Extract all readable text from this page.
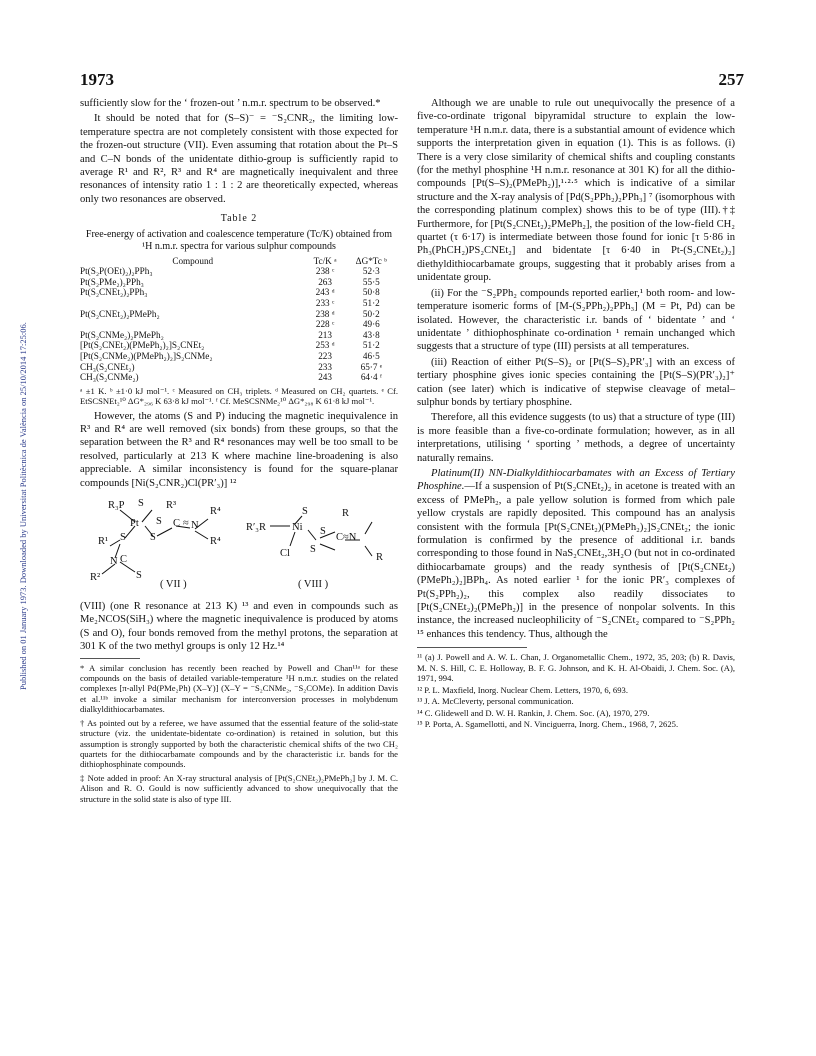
1973	257
Published on 01 January 1973. Downloaded by Universitat Politècnica de València on 25/10/2014 17:25:06.

sufficiently slow for the ‘ frozen-out ’ n.m.r. spectrum to be observed.*

It should be noted that for (S–S)⁻ = ⁻S₂CNR₂, the limiting low-temperature spectra are not completely consistent with those expected for the frozen-out structure (VII). Even assuming that rotation about the Pt–S and C–N bonds of the unidentate dithio-group is sufficiently rapid to average R¹ and R², R³ and R⁴ are magnetically inequivalent and three resonances of intensity ratio 1 : 1 : 2 are theoretically expected, whereas only two resonances are observed.

Table 2
Free-energy of activation and coalescence temperature (Tc/K) obtained from ¹H n.m.r. spectra for various sulphur compounds
Compound	Tc/K ᵃ	ΔG*Tc ᵇ
Pt(S₂P(OEt)₂)₂PPh₃	238 ᶜ	52·3
Pt(S₂PMe₂)₂PPh₃	263	55·5
Pt(S₂CNEt₂)₂PPh₃	243 ᵈ	50·8
	233 ᶜ	51·2
Pt(S₂CNEt₂)₂PMePh₂	238 ᵈ	50·2
	228 ᶜ	49·6
Pt(S₂CNMe₂)₂PMePh₂	213	43·8
[Pt(S₂CNEt₂)(PMePh₂)₂]S₂CNEt₂	253 ᵈ	51·2
[Pt(S₂CNMe₂)(PMePh₂)₂]S₂CNMe₂	223	46·5
CH₃(S₂CNEt₂)	233	65·7 ᵉ
CH₃(S₂CNMe₂)	243	64·4 ᶠ
ᵃ ±1 K. ᵇ ±1·0 kJ mol⁻¹. ᶜ Measured on CH₃ triplets. ᵈ Measured on CH₂ quartets. ᵉ Cf. EtSCSNEt₂¹⁰ ΔG*₂₉₆ K 63·8 kJ mol⁻¹. ᶠ Cf. MeSCSNMe₂¹⁰ ΔG*₂₉₈ K 61·8 kJ mol⁻¹.

However, the atoms (S and P) inducing the magnetic inequivalence in R³ and R⁴ are well removed (six bonds) from these groups, so that the separation between the R³ and R⁴ resonances may well be too small to be resolved, particularly at 213 K where machine line-broadening is also appreciable. A similar inconsistency is found for the square-planar compounds [Ni(S₂CNR₂)Cl(PR′₃)] ¹²

R₃P S R³
Pt S C ≈ N
R⁴
R⁴
R¹ S S
N C
R²	S
R′₃R
S	R
Ni S
C≈N
Cl S
R
( VII )	( VIII )

(VIII) (one R resonance at 213 K) ¹³ and even in compounds such as Me₂NCOS(SiH₃) where the magnetic inequivalence is produced by atoms (S and O), four bonds removed from the methyl protons, the separation at 301 K of the two methyl groups is only 12 Hz.¹⁴

* A similar conclusion has recently been reached by Powell and Chan¹¹ᵃ for these compounds on the basis of detailed variable-temperature ¹H n.m.r. studies on the related complexes [π-allyl Pd(PMe₂Ph) (X–Y)] (X–Y = ⁻S₂CNMe₂, ⁻S₂COMe). In addition Davis et al.¹¹ᵇ invoke a similar mechanism for interconversion processes in molybdenum dialkyldithiocarbamates.
† As pointed out by a referee, we have assumed that the essential feature of the solid-state structure (viz. the unidentate-bidentate co-ordination) is retained in solution, but this assumption is strongly supported by both the characteristic chemical shifts of the two CH₂ quartets for the dithiocarbamate compounds and by the characteristic i.r. bands for the dithiophosphinate compounds.
‡ Note added in proof: An X-ray structural analysis of [Pt(S₂CNEt₂)₂PMePh₂] by J. M. C. Alison and R. O. Gould is now sufficiently advanced to show unequivocally that the structure in the solid state is also of type III.

Although we are unable to rule out unequivocally the presence of a five-co-ordinate trigonal bipyramidal structure to explain the low-temperature ¹H n.m.r. data, there is a substantial amount of evidence which supports the interpretation given in equation (1). This is as follows. (i) There is a very close similarity of chemical shifts and coupling constants (for the methyl phosphine ¹H n.m.r. resonance at 301 K) for all the dithio-compounds [Pt(S–S)₂(PMePh₂)],¹·²·⁵ which is indicative of a similar structure and the X-ray analysis of [Pd(S₂PPh₂)₂PPh₃] ⁷ (isomorphous with the corresponding platinum complex) shows this to be of type (III).†‡ Furthermore, for [Pt(S₂CNEt₂)₂PMePh₂], the position of the low-field CH₂ quartet (τ 6·17) is intermediate between those found for ionic [τ 5·86 in Ph₃(PhCH₂)PS₂CNEt₂] and bidentate [τ 6·40 in Pt-(S₂CNEt₂)₂] diethyldithiocarbamate groups, suggesting that it probably arises from a unidentate group.

(ii) For the ⁻S₂PPh₂ compounds reported earlier,¹ both room- and low-temperature isomeric forms of [M-(S₂PPh₂)₂PPh₃] (M = Pt, Pd) can be isolated. However, the characteristic i.r. bands of ‘ bidentate ’ and ‘ unidentate ’ dithiophosphinate co-ordination ¹ remain unchanged which suggests that a structure of type (III) persists at all temperatures.

(iii) Reaction of either Pt(S–S)₂ or [Pt(S–S)₂PR′₃] with an excess of tertiary phosphine gives ionic species containing the [Pt(S–S)(PR′₃)₂]⁺ cation (see later) which is indicative of stepwise cleavage of metal–sulphur bonds by tertiary phosphine.

Therefore, all this evidence suggests (to us) that a structure of type (III) is more feasible than a five-co-ordinate formulation; however, as in all interpretations, utilising ‘ sporting ’ methods, a degree of uncertainty naturally remains.

Platinum(II) NN-Dialkyldithiocarbamates with an Excess of Tertiary Phosphine.—If a suspension of Pt(S₂CNEt₂)₂ in acetone is treated with an excess of PMePh₂, a pale yellow solution is formed from which pale yellow crystals are rapidly deposited. This compound has an analysis consistent with the formula [Pt(S₂CNEt₂)(PMePh₂)₂]S₂CNEt₂; the ionic formulation is confirmed by the presence of additional i.r. bands corresponding to those found in NaS₂CNEt₂,3H₂O (but not in co-ordinated dithiocarbamate groups) and the ready synthesis of [Pt(S₂CNEt₂)(PMePh₂)₂]BPh₄. As noted earlier ¹ for the ionic PR′₃ complexes of Pt(S₂PPh₂)₂, this complex also readily dissociates to [Pt(S₂CNEt₂)₂(PMePh₂)] in the presence of nonpolar solvents. In this instance, the increased nucleophilicity of ⁻S₂CNEt₂ compared to ⁻S₂PPh₂ ¹⁵ enhances this tendency. Thus, although the

¹¹ (a) J. Powell and A. W. L. Chan, J. Organometallic Chem., 1972, 35, 203; (b) R. Davis, M. N. S. Hill, C. E. Holloway, B. F. G. Johnson, and K. H. Al-Obaidi, J. Chem. Soc. (A), 1971, 994.
¹² P. L. Maxfield, Inorg. Nuclear Chem. Letters, 1970, 6, 693.
¹³ J. A. McCleverty, personal communication.
¹⁴ C. Glidewell and D. W. H. Rankin, J. Chem. Soc. (A), 1970, 279.
¹⁵ P. Porta, A. Sgamellotti, and N. Vinciguerra, Inorg. Chem., 1968, 7, 2625.
